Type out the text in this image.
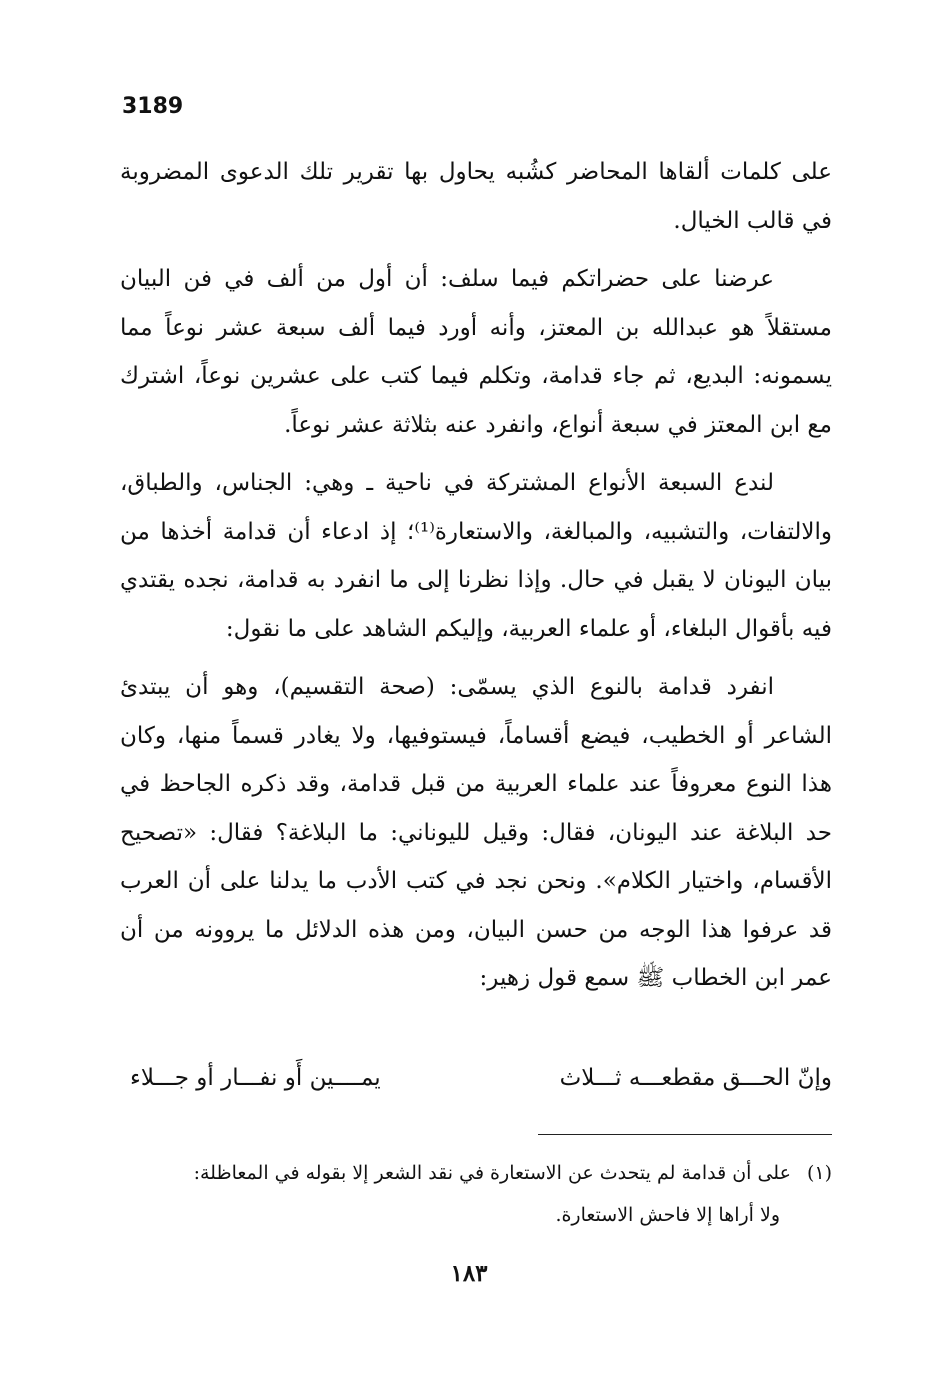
3189

على كلمات ألقاها المحاضر كشُبه يحاول بها تقرير تلك الدعوى المضروبة في قالب الخيال.

عرضنا على حضراتكم فيما سلف: أن أول من ألف في فن البيان مستقلاً هو عبدالله بن المعتز، وأنه أورد فيما ألف سبعة عشر نوعاً مما يسمونه: البديع، ثم جاء قدامة، وتكلم فيما كتب على عشرين نوعاً، اشترك مع ابن المعتز في سبعة أنواع، وانفرد عنه بثلاثة عشر نوعاً.

لندع السبعة الأنواع المشتركة في ناحية ـ وهي: الجناس، والطباق، والالتفات، والتشبيه، والمبالغة، والاستعارة⁽¹⁾؛ إذ ادعاء أن قدامة أخذها من بيان اليونان لا يقبل في حال. وإذا نظرنا إلى ما انفرد به قدامة، نجده يقتدي فيه بأقوال البلغاء، أو علماء العربية، وإليكم الشاهد على ما نقول:

انفرد قدامة بالنوع الذي يسمّى: (صحة التقسيم)، وهو أن يبتدئ الشاعر أو الخطيب، فيضع أقساماً، فيستوفيها، ولا يغادر قسماً منها، وكان هذا النوع معروفاً عند علماء العربية من قبل قدامة، وقد ذكره الجاحظ في حد البلاغة عند اليونان، فقال: وقيل لليوناني: ما البلاغة؟ فقال: «تصحيح الأقسام، واختيار الكلام». ونحن نجد في كتب الأدب ما يدلنا على أن العرب قد عرفوا هذا الوجه من حسن البيان، ومن هذه الدلائل ما يروونه من أن عمر ابن الخطاب ﷺ سمع قول زهير:

وإنّ الحـــق مقطعـــه ثـــلاث
يمــــين أَو نفـــار أو جـــلاء
(١)على أن قدامة لم يتحدث عن الاستعارة في نقد الشعر إلا بقوله في المعاظلة:
ولا أراها إلا فاحش الاستعارة.
١٨٣
